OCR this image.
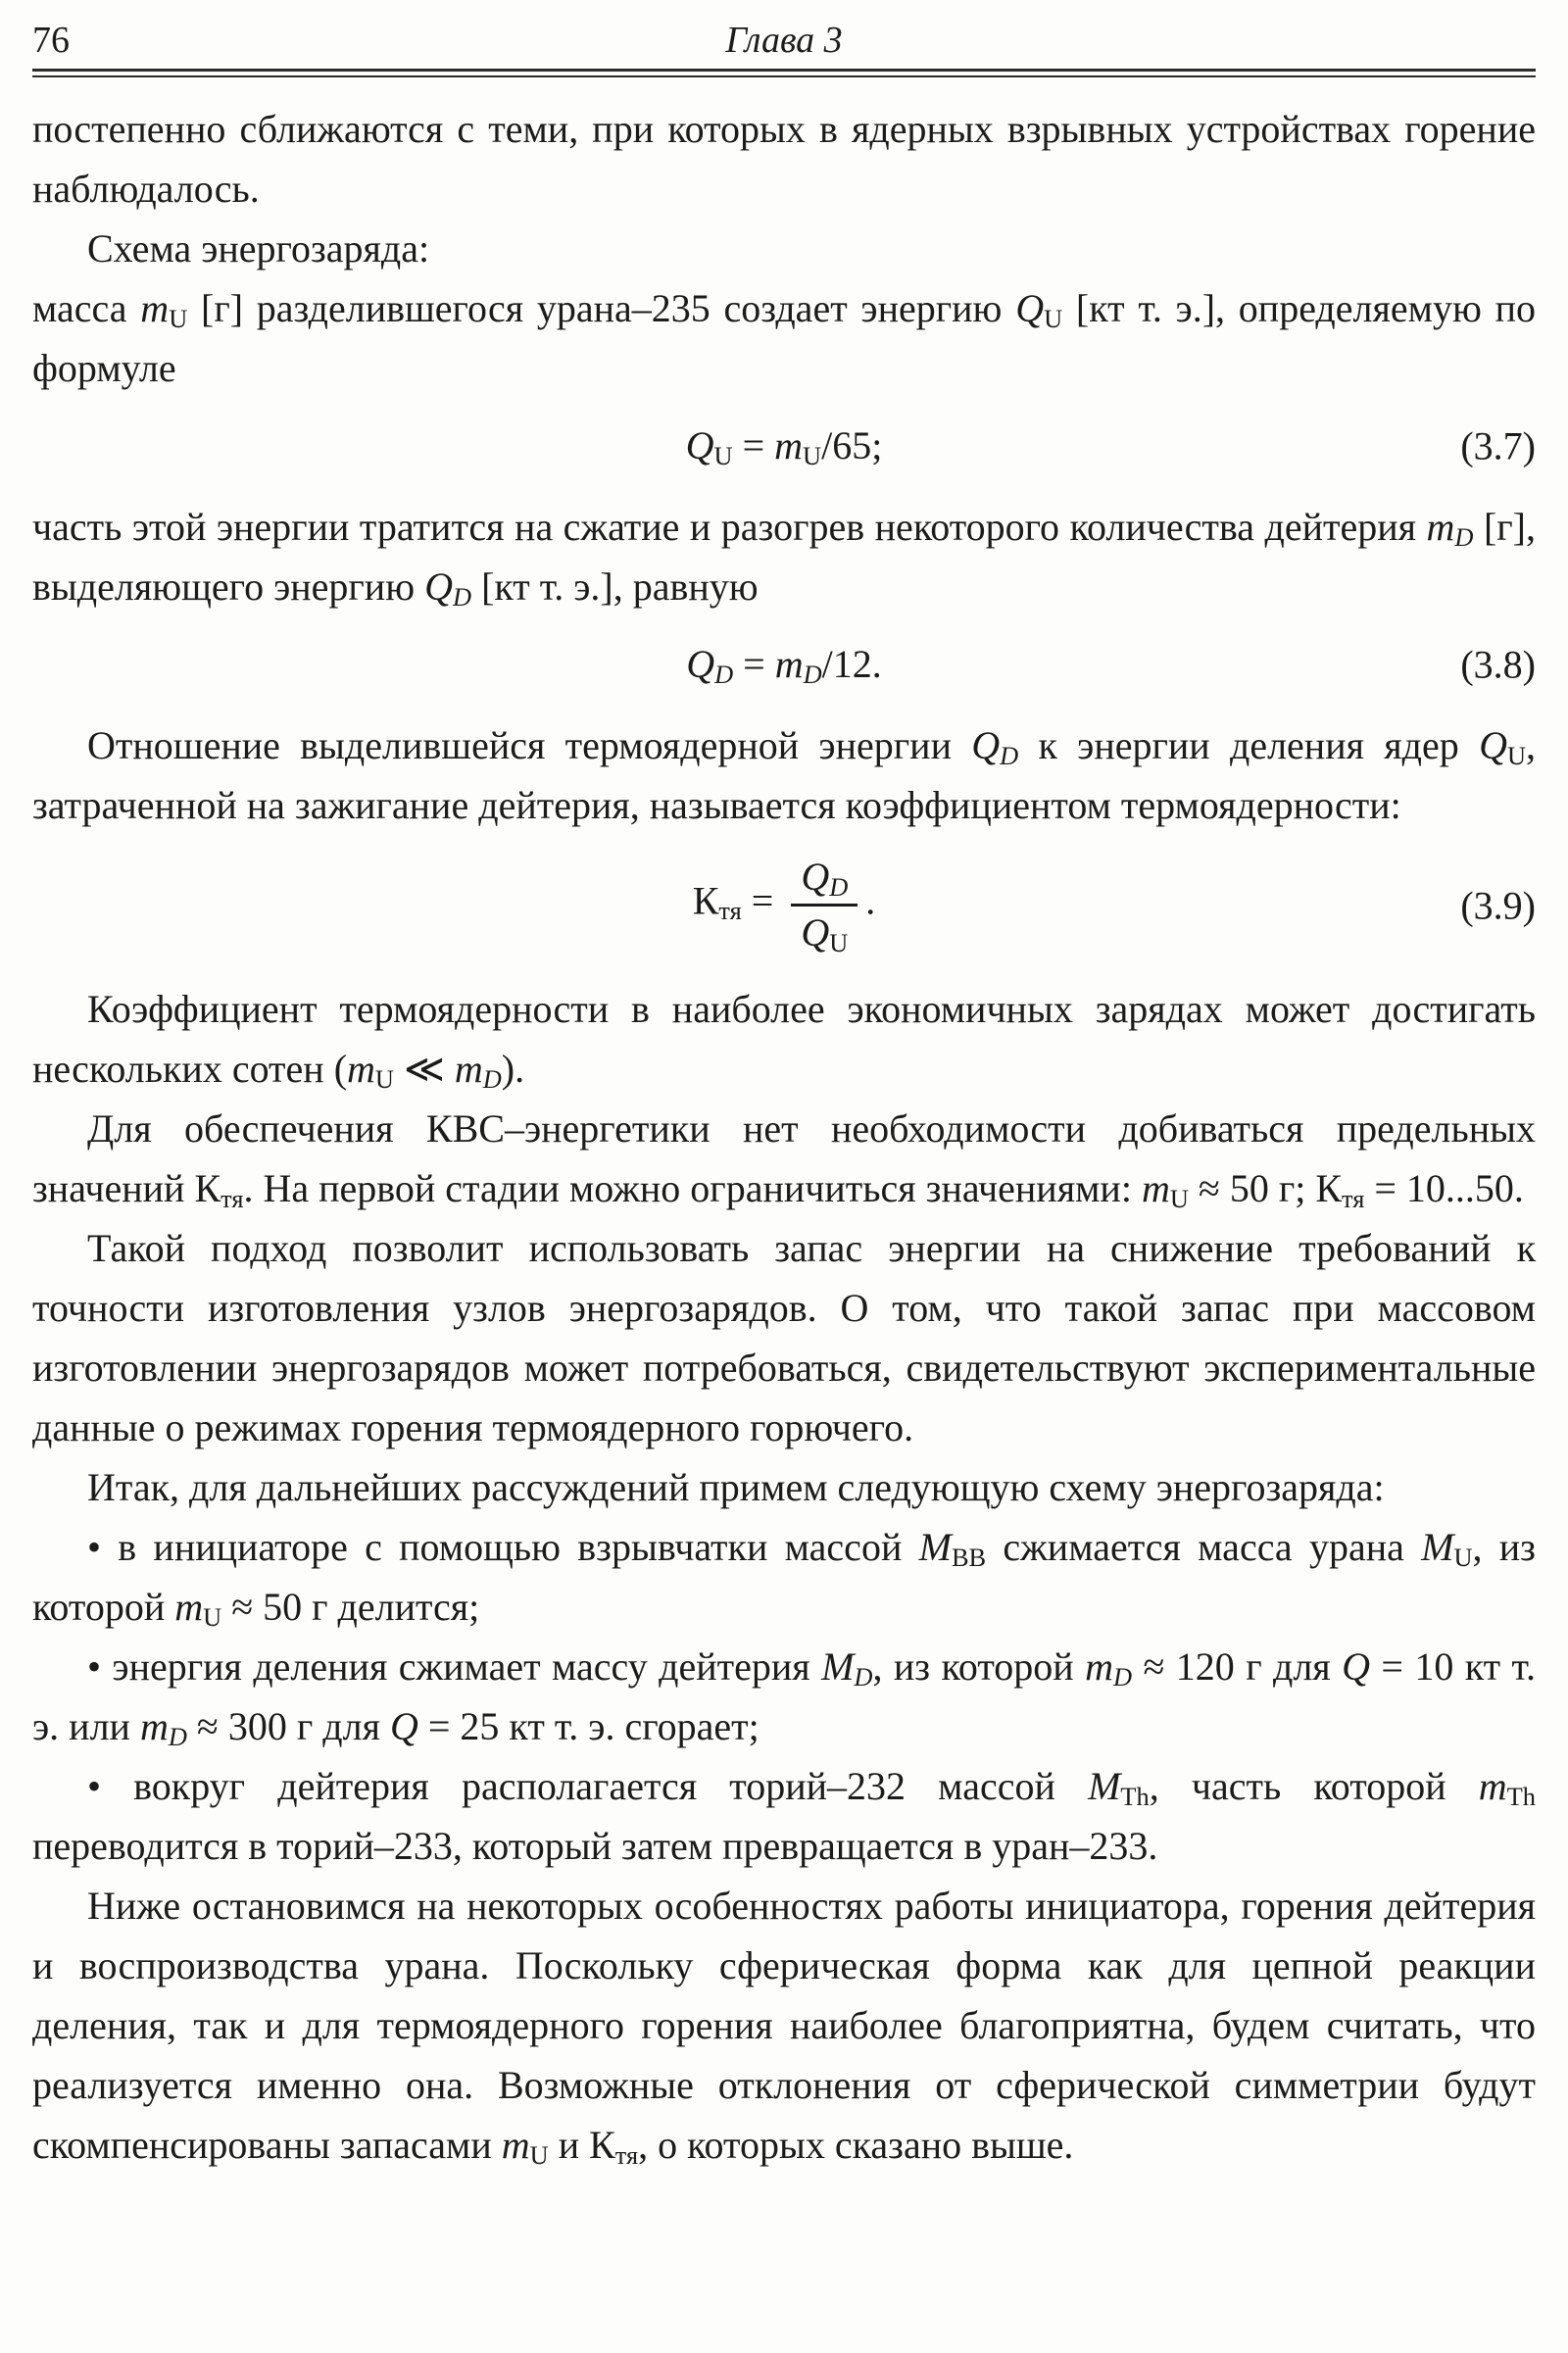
76	Глава 3

постепенно сближаются с теми, при которых в ядерных взрывных устройствах горение наблюдалось.

Схема энергозаряда:

масса mU [г] разделившегося урана–235 создает энергию QU [кт т. э.], определяемую по формуле

QU = mU/65;	(3.7)

часть этой энергии тратится на сжатие и разогрев некоторого количества дейтерия mD [г], выделяющего энергию QD [кт т. э.], равную

QD = mD/12.	(3.8)

Отношение выделившейся термоядерной энергии QD к энергии деления ядер QU, затраченной на зажигание дейтерия, называется коэффициентом термоядерности:

Ктя = $\frac{QD}{QU}$ .	(3.9)

Коэффициент термоядерности в наиболее экономичных зарядах может достигать нескольких сотен (mU ≪ mD).

Для обеспечения КВС–энергетики нет необходимости добиваться предельных значений Ктя. На первой стадии можно ограничиться значениями: mU ≈ 50 г; Ктя = 10...50.

Такой подход позволит использовать запас энергии на снижение требований к точности изготовления узлов энергозарядов. О том, что такой запас при массовом изготовлении энергозарядов может потребоваться, свидетельствуют экспериментальные данные о режимах горения термоядерного горючего.

Итак, для дальнейших рассуждений примем следующую схему энергозаряда:

• в инициаторе с помощью взрывчатки массой MВВ сжимается масса урана MU, из которой mU ≈ 50 г делится;

• энергия деления сжимает массу дейтерия MD, из которой mD ≈ 120 г для Q = 10 кт т. э. или mD ≈ 300 г для Q = 25 кт т. э. сгорает;

• вокруг дейтерия располагается торий–232 массой MTh, часть которой mTh переводится в торий–233, который затем превращается в уран–233.

Ниже остановимся на некоторых особенностях работы инициатора, горения дейтерия и воспроизводства урана. Поскольку сферическая форма как для цепной реакции деления, так и для термоядерного горения наиболее благоприятна, будем считать, что реализуется именно она. Возможные отклонения от сферической симметрии будут скомпенсированы запасами mU и Ктя, о которых сказано выше.
